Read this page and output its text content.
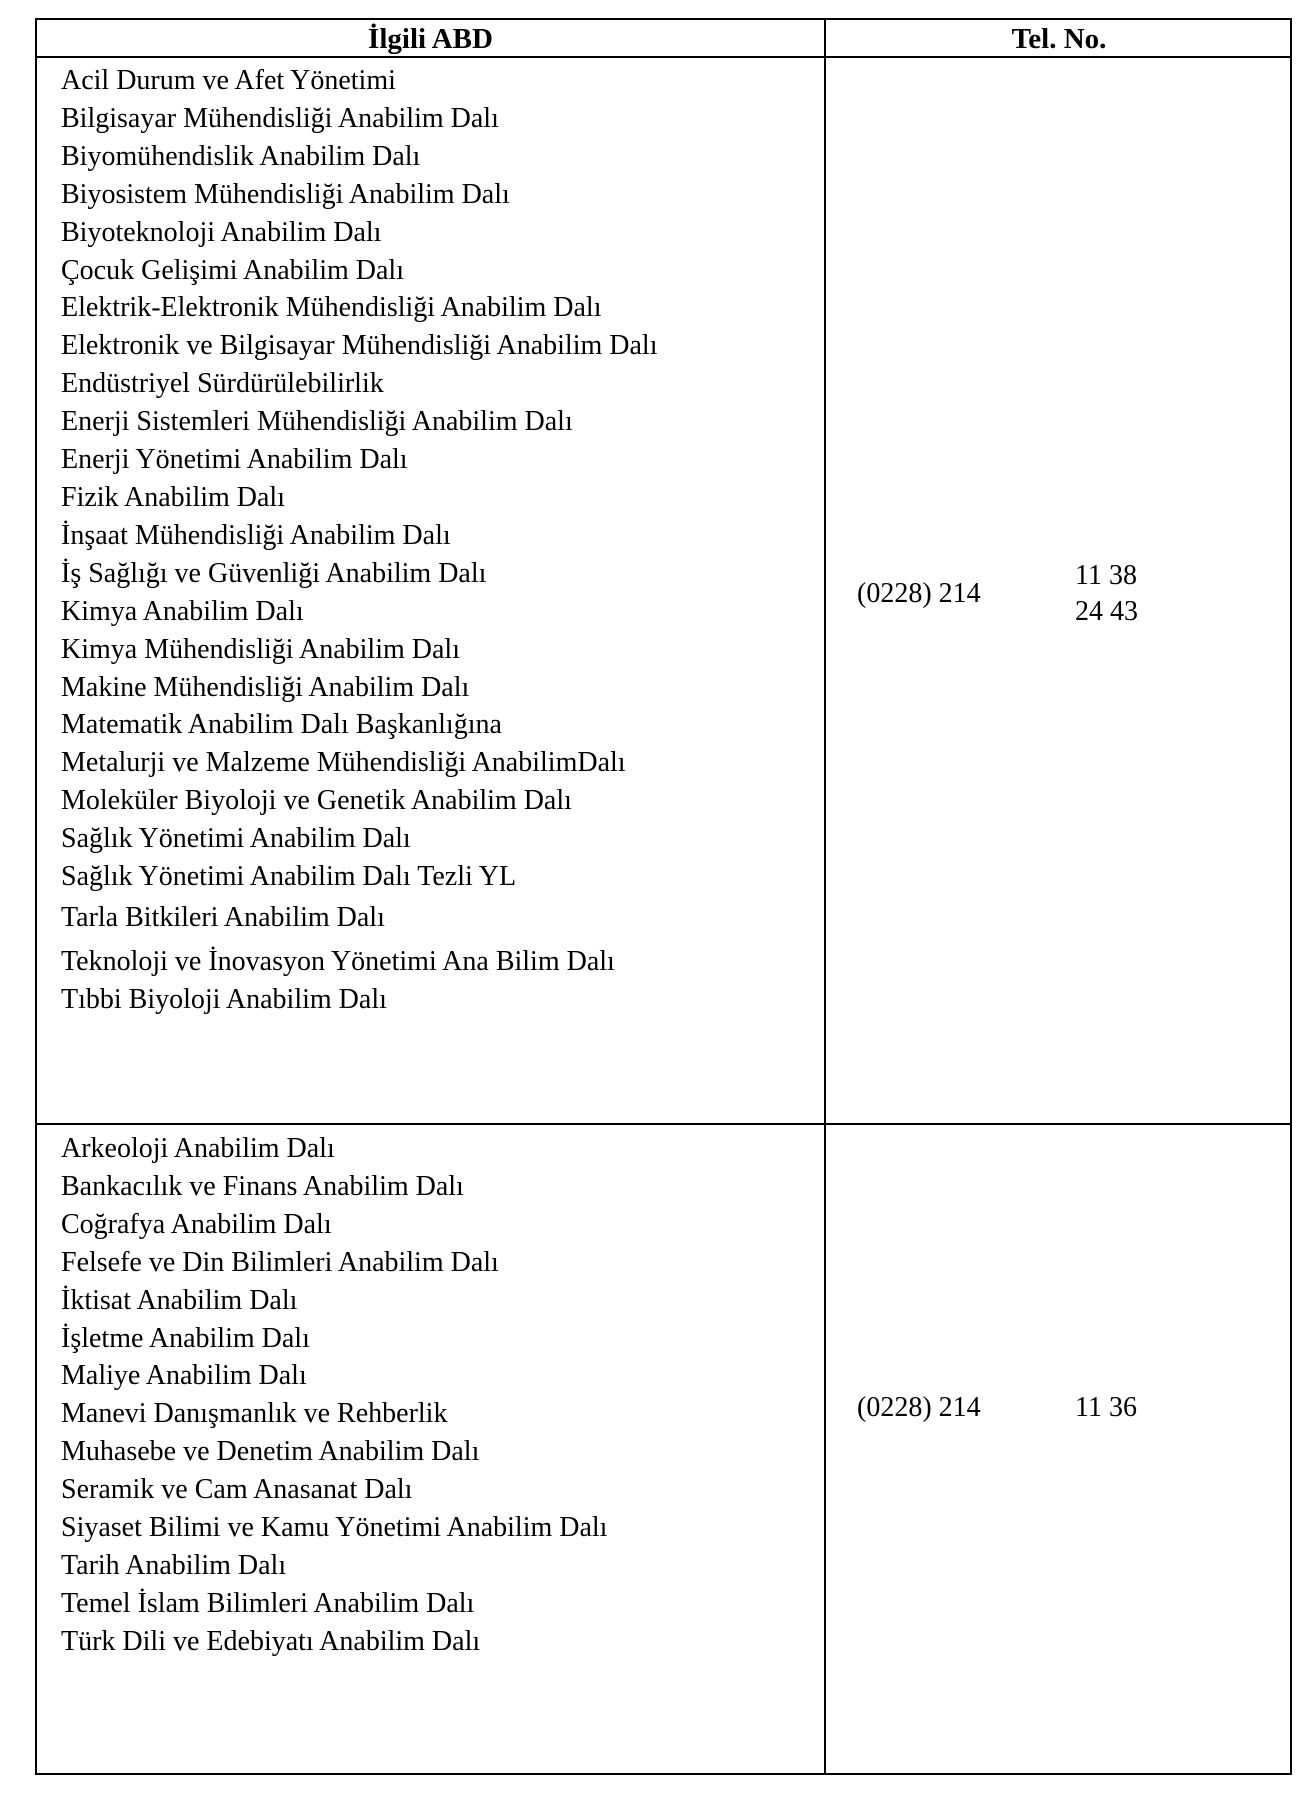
İlgili ABD	Tel. No.
Acil Durum ve Afet Yönetimi
Bilgisayar Mühendisliği Anabilim Dalı
Biyomühendislik Anabilim Dalı
Biyosistem Mühendisliği Anabilim Dalı
Biyoteknoloji Anabilim Dalı
Çocuk Gelişimi Anabilim Dalı
Elektrik-Elektronik Mühendisliği Anabilim Dalı
Elektronik ve Bilgisayar Mühendisliği Anabilim Dalı
Endüstriyel Sürdürülebilirlik
Enerji Sistemleri Mühendisliği Anabilim Dalı
Enerji Yönetimi Anabilim Dalı
Fizik Anabilim Dalı
İnşaat Mühendisliği Anabilim Dalı
İş Sağlığı ve Güvenliği Anabilim Dalı
Kimya Anabilim Dalı
Kimya Mühendisliği Anabilim Dalı
Makine Mühendisliği Anabilim Dalı
Matematik Anabilim Dalı Başkanlığına
Metalurji ve Malzeme Mühendisliği AnabilimDalı
Moleküler Biyoloji ve Genetik Anabilim Dalı
Sağlık Yönetimi Anabilim Dalı
Sağlık Yönetimi Anabilim Dalı Tezli YL
Tarla Bitkileri Anabilim Dalı
Teknoloji ve İnovasyon Yönetimi Ana Bilim Dalı
Tıbbi Biyoloji Anabilim Dalı
(0228) 214
11 38
24 43
Arkeoloji Anabilim Dalı
Bankacılık ve Finans Anabilim Dalı
Coğrafya Anabilim Dalı
Felsefe ve Din Bilimleri Anabilim Dalı
İktisat Anabilim Dalı
İşletme Anabilim Dalı
Maliye Anabilim Dalı
Manevi Danışmanlık ve Rehberlik
Muhasebe ve Denetim Anabilim Dalı
Seramik ve Cam Anasanat Dalı
Siyaset Bilimi ve Kamu Yönetimi Anabilim Dalı
Tarih Anabilim Dalı
Temel İslam Bilimleri Anabilim Dalı
Türk Dili ve Edebiyatı Anabilim Dalı
(0228) 214	11 36
